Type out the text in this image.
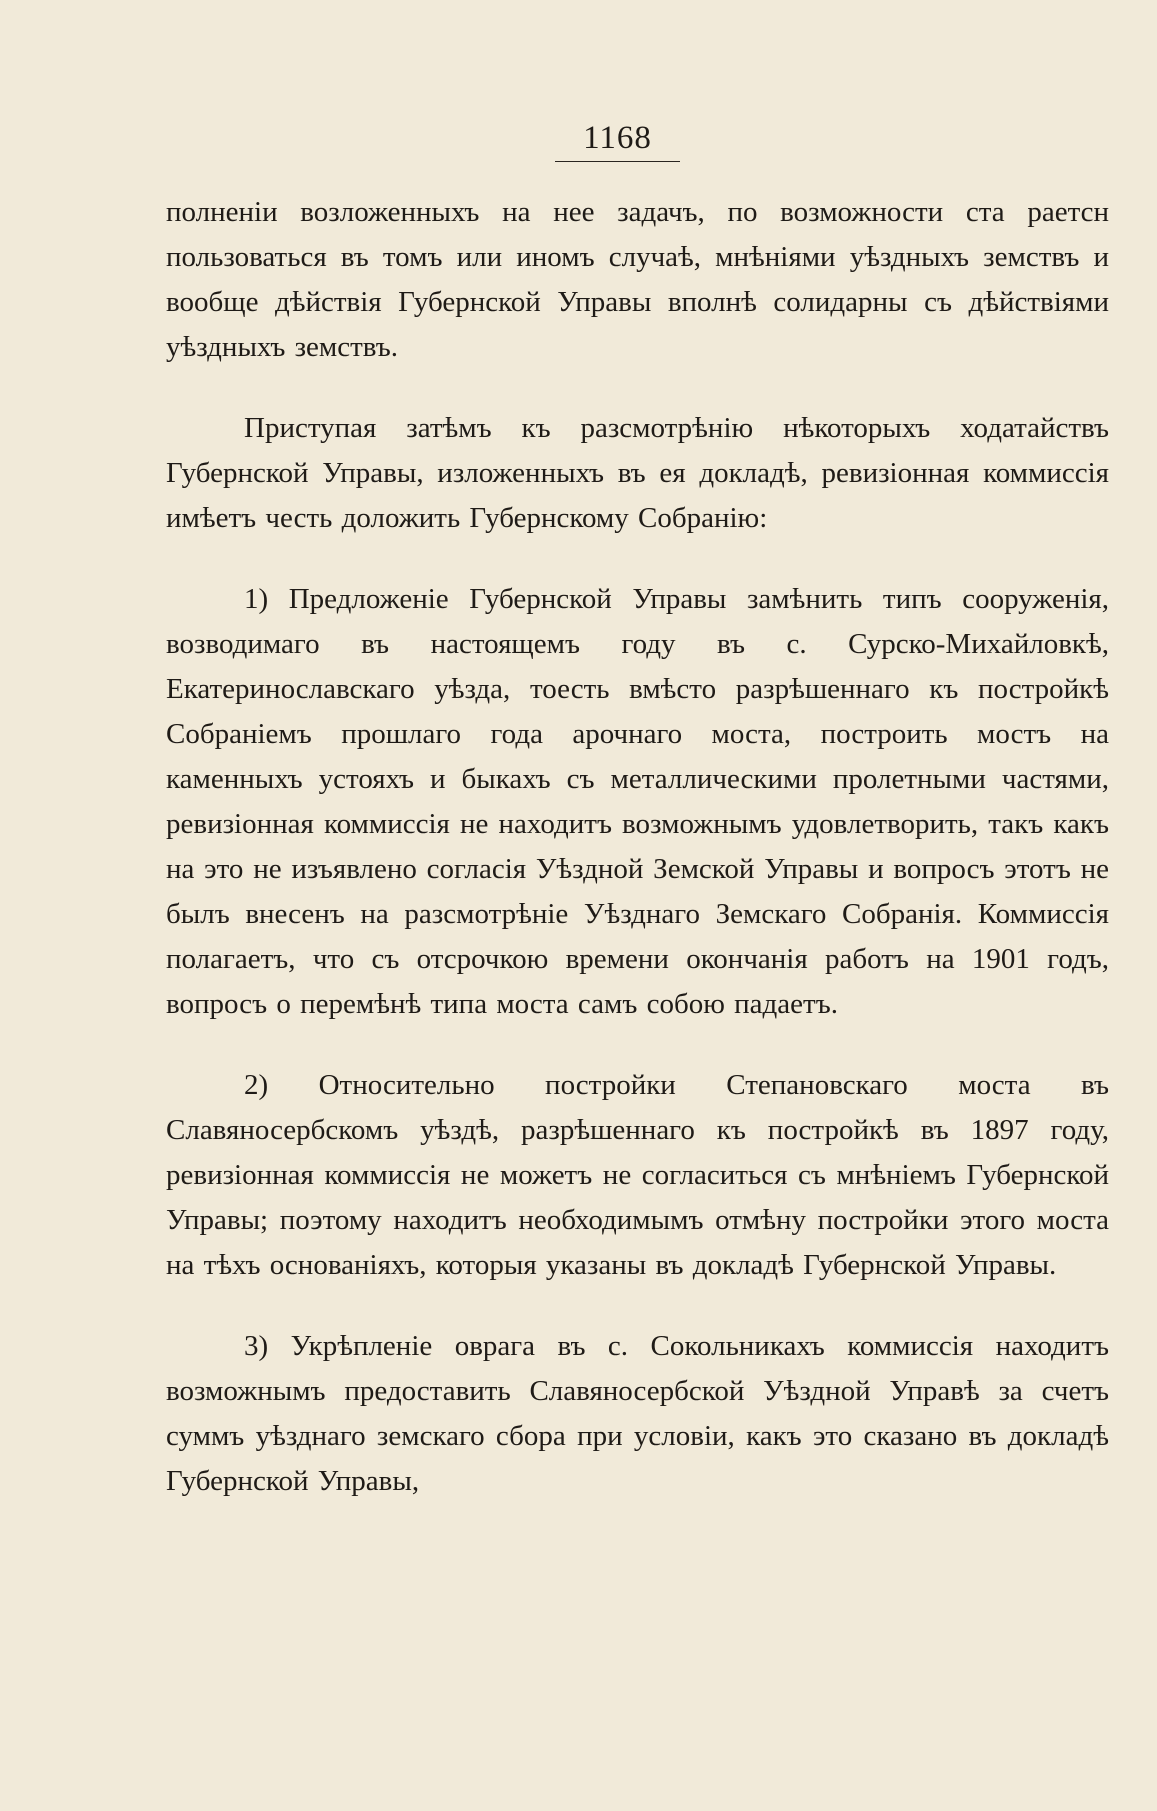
1168

полненіи возложенныхъ на нее задачъ, по возможности ста раетсн пользоваться въ томъ или иномъ случаѣ, мнѣніями уѣздныхъ земствъ и вообще дѣйствія Губернской Управы вполнѣ солидарны съ дѣйствіями уѣздныхъ земствъ.

Приступая затѣмъ къ разсмотрѣнію нѣкоторыхъ ходатайствъ Губернской Управы, изложенныхъ въ ея докладѣ, ревизіонная коммиссія имѣетъ честь доложить Губернскому Собранію:

1) Предложеніе Губернской Управы замѣнить типъ сооруженія, возводимаго въ настоящемъ году въ с. Сурско-Михайловкѣ, Екатеринославскаго уѣзда, тоесть вмѣсто разрѣшеннаго къ постройкѣ Собраніемъ прошлаго года арочнаго моста, построить мостъ на каменныхъ устояхъ и быкахъ съ металлическими пролетными частями, ревизіонная коммиссія не находитъ возможнымъ удовлетворить, такъ какъ на это не изъявлено согласія Уѣздной Земской Управы и вопросъ этотъ не былъ внесенъ на разсмотрѣніе Уѣзднаго Земскаго Собранія. Коммиссія полагаетъ, что съ отсрочкою времени окончанія работъ на 1901 годъ, вопросъ о перемѣнѣ типа моста самъ собою падаетъ.

2) Относительно постройки Степановскаго моста въ Славяносербскомъ уѣздѣ, разрѣшеннаго къ постройкѣ въ 1897 году, ревизіонная коммиссія не можетъ не согласиться съ мнѣніемъ Губернской Управы; поэтому находитъ необходимымъ отмѣну постройки этого моста на тѣхъ основаніяхъ, которыя указаны въ докладѣ Губернской Управы.

3) Укрѣпленіе оврага въ с. Сокольникахъ коммиссія находитъ возможнымъ предоставить Славяносербской Уѣздной Управѣ за счетъ суммъ уѣзднаго земскаго сбора при условіи, какъ это сказано въ докладѣ Губернской Управы,
